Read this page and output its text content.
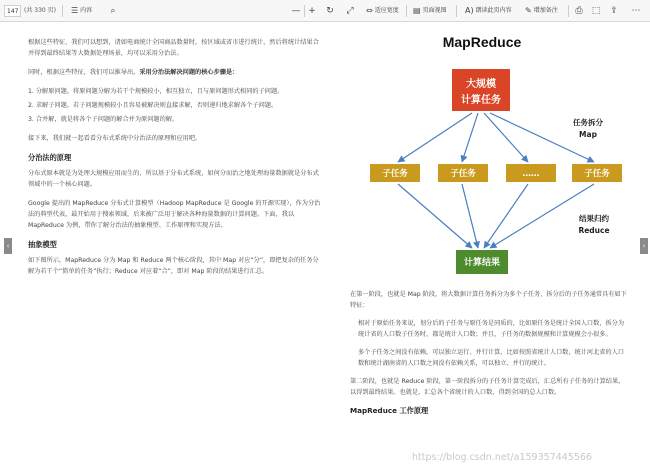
147 (共 330 页) ☰ 内容	⌕	— + ↻ ⤢	⇔ 适应宽度 ▤ 页面视图 A) 朗读此页内容 ✎ 增加备注 ⎙ ⬚ ⇪ ⋯
‹	›

根据这些特征，我们可以想到，诸如电商统计全国商品数量时，按区域或省市进行统计，然后将统计结果合并得到最终结果等大数据处理场景，均可以采用分治法。

同时，根据这些特征，我们可以推导出，采用分治法解决问题的核心步骤是：

1. 分解原问题。将原问题分解为若干个规模较小，相互独立，且与原问题形式相同的子问题。
2. 求解子问题。若子问题规模较小且容易被解决则直接求解，否则递归地求解各个子问题。
3. 合并解，就是将各个子问题的解合并为原问题的解。

接下来，我们就一起看看分布式系统中分治法的原理和应用吧。

分治法的原理

分布式原本就是为处理大规模应用而生的，所以基于分布式系统，如何分而治之地处理海量数据就是分布式领域中的一个核心问题。

Google 提出的 MapReduce 分布式计算模型（Hadoop MapReduce 是 Google 的开源实现），作为分治法的典型代表，最开始用于搜索领域，后来被广泛用于解决各种海量数据的计算问题。下面，我以 MapReduce 为例，带你了解分治法的抽象模型、工作原理和实现方法。

抽象模型

如下图所示，MapReduce 分为 Map 和 Reduce 两个核心阶段，其中 Map 对应“分”，即把复杂的任务分解为若干个“简单的任务”执行；Reduce 对应着“合”，即对 Map 阶段的结果进行汇总。

MapReduce
大规模
计算任务
任务拆分
Map
子任务	子任务	……	子任务
结果归约
Reduce
计算结果

在第一阶段，也就是 Map 阶段，将大数据计算任务拆分为多个子任务，拆分后的子任务通常具有如下特征：

相对于原始任务来说，划分后的子任务与原任务是同质的，比如原任务是统计全国人口数，拆分为统计省的人口数子任务时，都是统计人口数；并且，子任务的数据规模和计算规模会小很多。

多个子任务之间没有依赖，可以独立运行、并行计算，比如按照省统计人口数，统计河北省的人口数和统计湖南省的人口数之间没有依赖关系，可以独立、并行的统计。

第二阶段，也就是 Reduce 阶段，第一阶段拆分的子任务计算完成后，汇总所有子任务的计算结果，以得到最终结果。也就是，汇总各个省统计的人口数，得到全国的总人口数。

MapReduce 工作原理
https://blog.csdn.net/a159357445566
